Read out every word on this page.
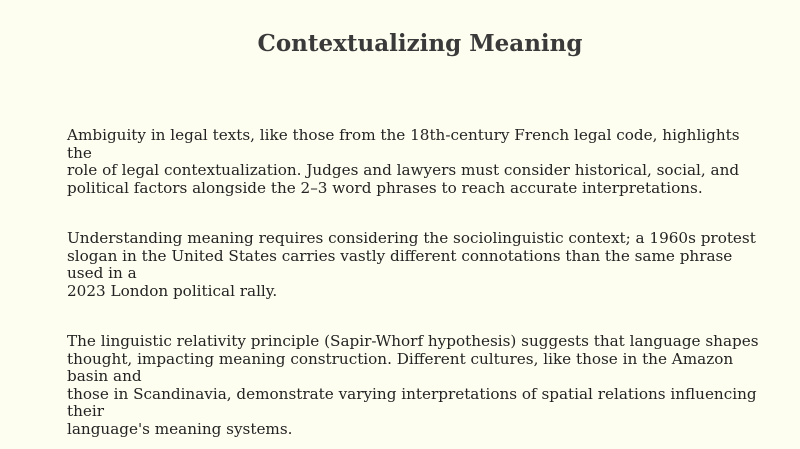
Contextualizing Meaning

Ambiguity in legal texts, like those from the 18th-century French legal code, highlights the
role of legal contextualization. Judges and lawyers must consider historical, social, and
political factors alongside the 2–3 word phrases to reach accurate interpretations.

Understanding meaning requires considering the sociolinguistic context; a 1960s protest
slogan in the United States carries vastly different connotations than the same phrase used in a
2023 London political rally.

The linguistic relativity principle (Sapir-Whorf hypothesis) suggests that language shapes
thought, impacting meaning construction. Different cultures, like those in the Amazon basin and
those in Scandinavia, demonstrate varying interpretations of spatial relations influencing their
language's meaning systems.
